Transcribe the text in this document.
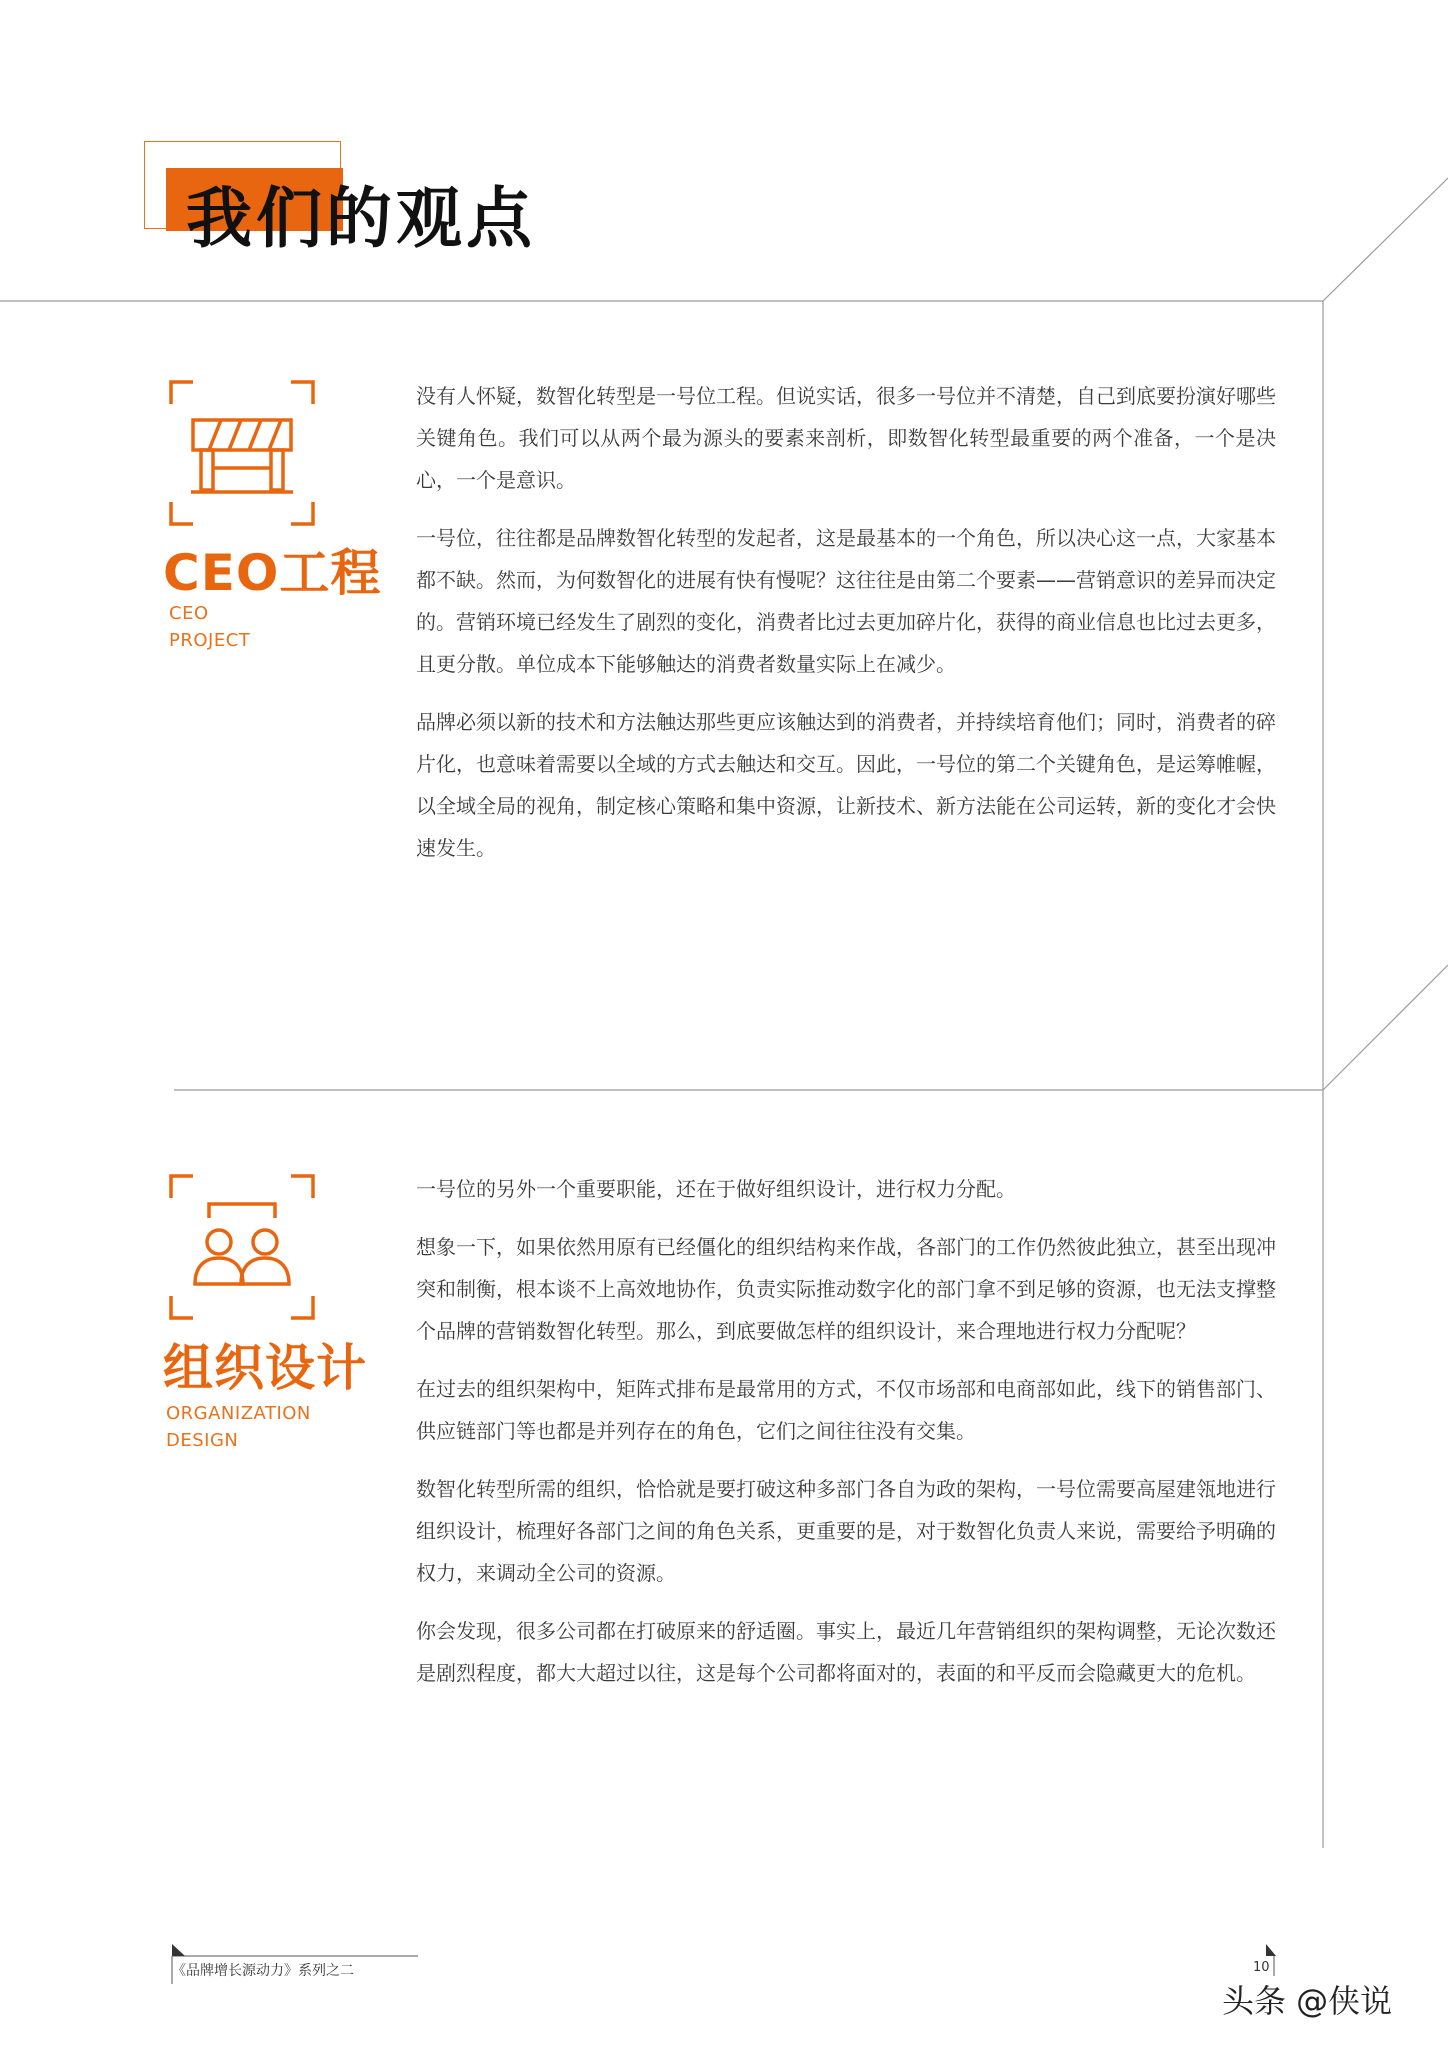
我们的观点
CEO工程
CEO PROJECT

没有人怀疑，数智化转型是一号位工程。但说实话，很多一号位并不清楚，自己到底要扮演好哪些关键角色。我们可以从两个最为源头的要素来剖析，即数智化转型最重要的两个准备，一个是决心，一个是意识。

一号位，往往都是品牌数智化转型的发起者，这是最基本的一个角色，所以决心这一点，大家基本都不缺。然而，为何数智化的进展有快有慢呢？这往往是由第二个要素——营销意识的差异而决定的。营销环境已经发生了剧烈的变化，消费者比过去更加碎片化，获得的商业信息也比过去更多，且更分散。单位成本下能够触达的消费者数量实际上在减少。

品牌必须以新的技术和方法触达那些更应该触达到的消费者，并持续培育他们；同时，消费者的碎片化，也意味着需要以全域的方式去触达和交互。因此，一号位的第二个关键角色，是运筹帷幄，以全域全局的视角，制定核心策略和集中资源，让新技术、新方法能在公司运转，新的变化才会快速发生。

组织设计
ORGANIZATION
DESIGN

一号位的另外一个重要职能，还在于做好组织设计，进行权力分配。

想象一下，如果依然用原有已经僵化的组织结构来作战，各部门的工作仍然彼此独立，甚至出现冲突和制衡，根本谈不上高效地协作，负责实际推动数字化的部门拿不到足够的资源，也无法支撑整个品牌的营销数智化转型。那么，到底要做怎样的组织设计，来合理地进行权力分配呢？

在过去的组织架构中，矩阵式排布是最常用的方式，不仅市场部和电商部如此，线下的销售部门、供应链部门等也都是并列存在的角色，它们之间往往没有交集。

数智化转型所需的组织，恰恰就是要打破这种多部门各自为政的架构，一号位需要高屋建瓴地进行组织设计，梳理好各部门之间的角色关系，更重要的是，对于数智化负责人来说，需要给予明确的权力，来调动全公司的资源。

你会发现，很多公司都在打破原来的舒适圈。事实上，最近几年营销组织的架构调整，无论次数还是剧烈程度，都大大超过以往，这是每个公司都将面对的，表面的和平反而会隐藏更大的危机。

《品牌增长源动力》系列之二	10
头条 @侠说
